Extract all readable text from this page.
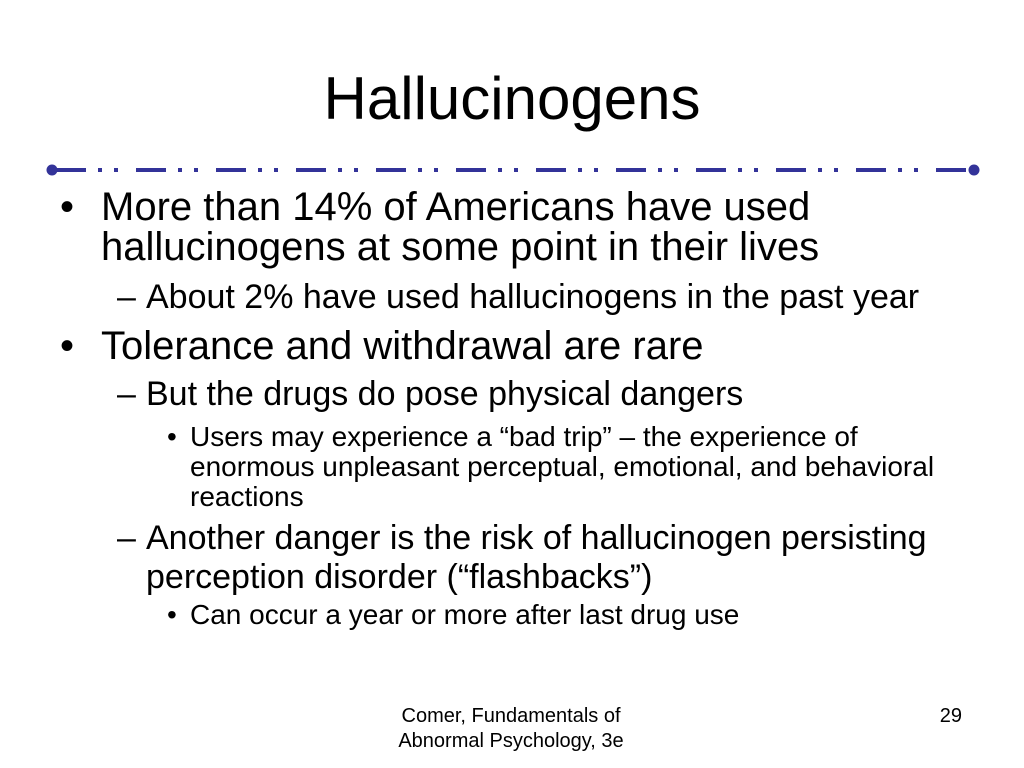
Hallucinogens
• More than 14% of Americans have used hallucinogens at some point in their lives
– About 2% have used hallucinogens in the past year
• Tolerance and withdrawal are rare
– But the drugs do pose physical dangers
• Users may experience a “bad trip” – the experience of enormous unpleasant perceptual, emotional, and behavioral reactions
– Another danger is the risk of hallucinogen persisting perception disorder (“flashbacks”)
• Can occur a year or more after last drug use
Comer, Fundamentals of
Abnormal Psychology, 3e
29
